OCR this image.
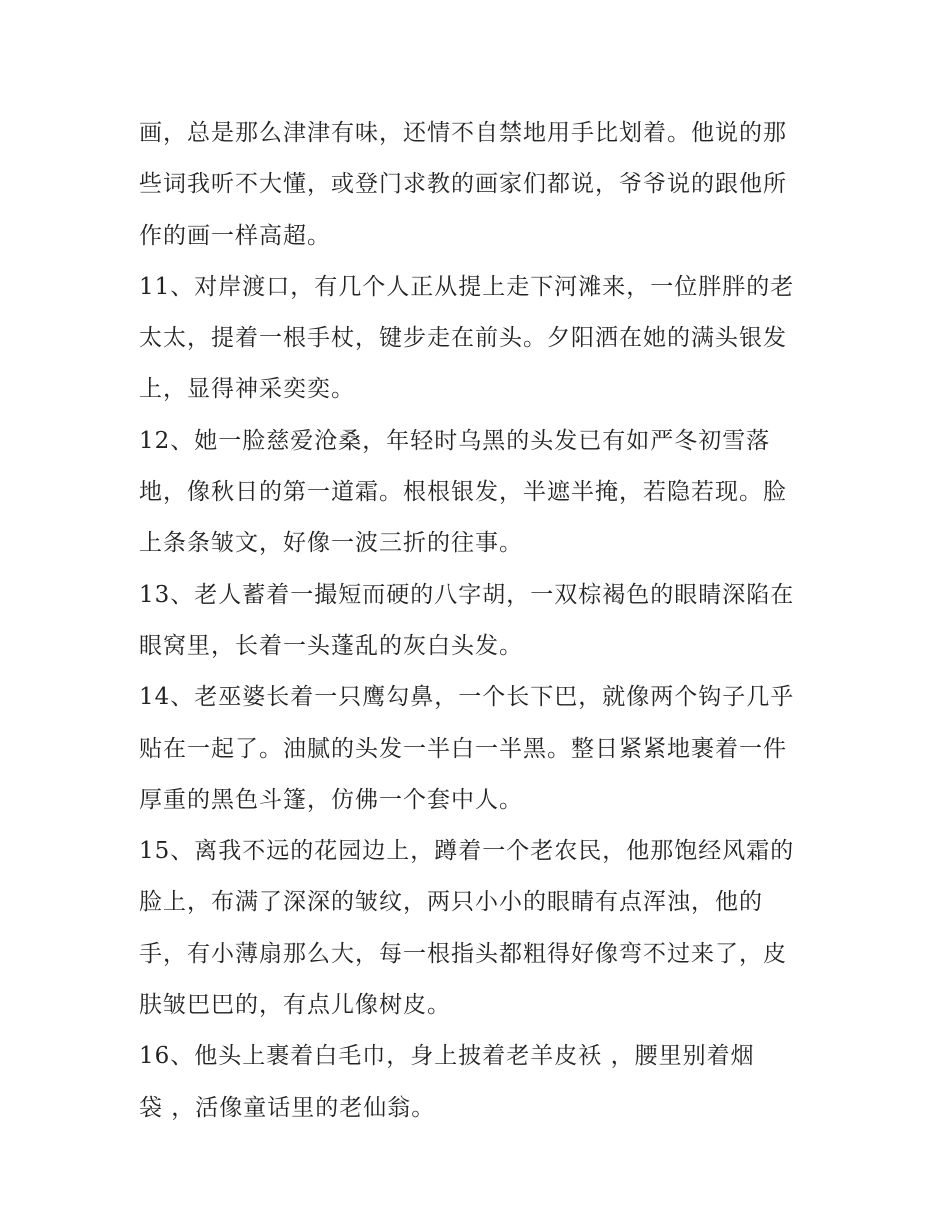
画，总是那么津津有味，还情不自禁地用手比划着。他说的那

些词我听不大懂，或登门求教的画家们都说，爷爷说的跟他所

作的画一样高超。

11、对岸渡口，有几个人正从提上走下河滩来，一位胖胖的老

太太，提着一根手杖，键步走在前头。夕阳洒在她的满头银发

上，显得神采奕奕。

12、她一脸慈爱沧桑，年轻时乌黑的头发已有如严冬初雪落

地，像秋日的第一道霜。根根银发，半遮半掩，若隐若现。脸

上条条皱文，好像一波三折的往事。

13、老人蓄着一撮短而硬的八字胡，一双棕褐色的眼睛深陷在

眼窝里，长着一头蓬乱的灰白头发。

14、老巫婆长着一只鹰勾鼻，一个长下巴，就像两个钩子几乎

贴在一起了。油腻的头发一半白一半黑。整日紧紧地裹着一件

厚重的黑色斗篷，仿佛一个套中人。

15、离我不远的花园边上，蹲着一个老农民，他那饱经风霜的

脸上，布满了深深的皱纹，两只小小的眼睛有点浑浊，他的

手，有小薄扇那么大，每一根指头都粗得好像弯不过来了，皮

肤皱巴巴的，有点儿像树皮。

16、他头上裹着白毛巾，身上披着老羊皮袄 ，腰里别着烟

袋 ，活像童话里的老仙翁。
